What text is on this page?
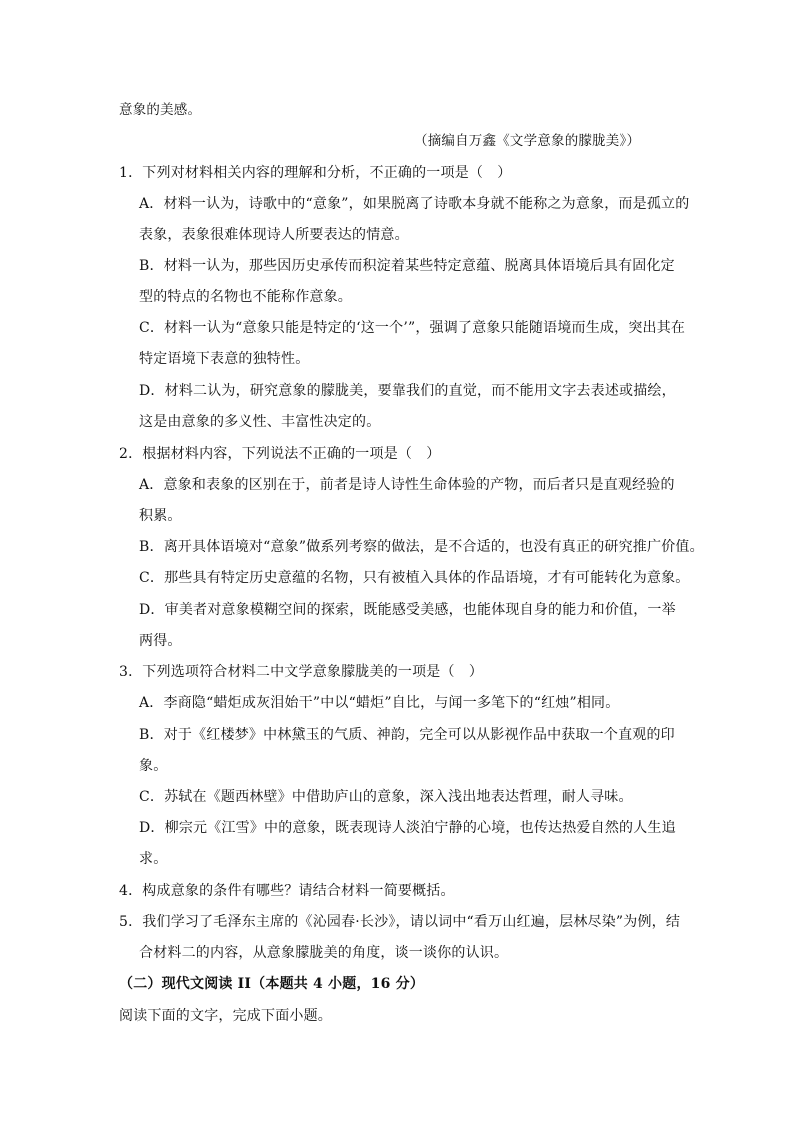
意象的美感。
（摘编自万鑫《文学意象的朦胧美》）
1．下列对材料相关内容的理解和分析，不正确的一项是（　）
A．材料一认为，诗歌中的“意象”，如果脱离了诗歌本身就不能称之为意象，而是孤立的
表象，表象很难体现诗人所要表达的情意。
B．材料一认为，那些因历史承传而积淀着某些特定意蕴、脱离具体语境后具有固化定
型的特点的名物也不能称作意象。
C．材料一认为“意象只能是特定的‘这一个’”，强调了意象只能随语境而生成，突出其在
特定语境下表意的独特性。
D．材料二认为，研究意象的朦胧美，要靠我们的直觉，而不能用文字去表述或描绘，
这是由意象的多义性、丰富性决定的。
2．根据材料内容，下列说法不正确的一项是（　）
A．意象和表象的区别在于，前者是诗人诗性生命体验的产物，而后者只是直观经验的
积累。
B．离开具体语境对“意象”做系列考察的做法，是不合适的，也没有真正的研究推广价值。
C．那些具有特定历史意蕴的名物，只有被植入具体的作品语境，才有可能转化为意象。
D．审美者对意象模糊空间的探索，既能感受美感，也能体现自身的能力和价值，一举
两得。
3．下列选项符合材料二中文学意象朦胧美的一项是（　）
A．李商隐“蜡炬成灰泪始干”中以“蜡炬”自比，与闻一多笔下的“红烛”相同。
B．对于《红楼梦》中林黛玉的气质、神韵，完全可以从影视作品中获取一个直观的印
象。
C．苏轼在《题西林壁》中借助庐山的意象，深入浅出地表达哲理，耐人寻味。
D．柳宗元《江雪》中的意象，既表现诗人淡泊宁静的心境，也传达热爱自然的人生追
求。
4．构成意象的条件有哪些？请结合材料一简要概括。
5．我们学习了毛泽东主席的《沁园春·长沙》，请以词中“看万山红遍，层林尽染”为例，结
合材料二的内容，从意象朦胧美的角度，谈一谈你的认识。
（二）现代文阅读 II（本题共 4 小题，16 分）
阅读下面的文字，完成下面小题。
